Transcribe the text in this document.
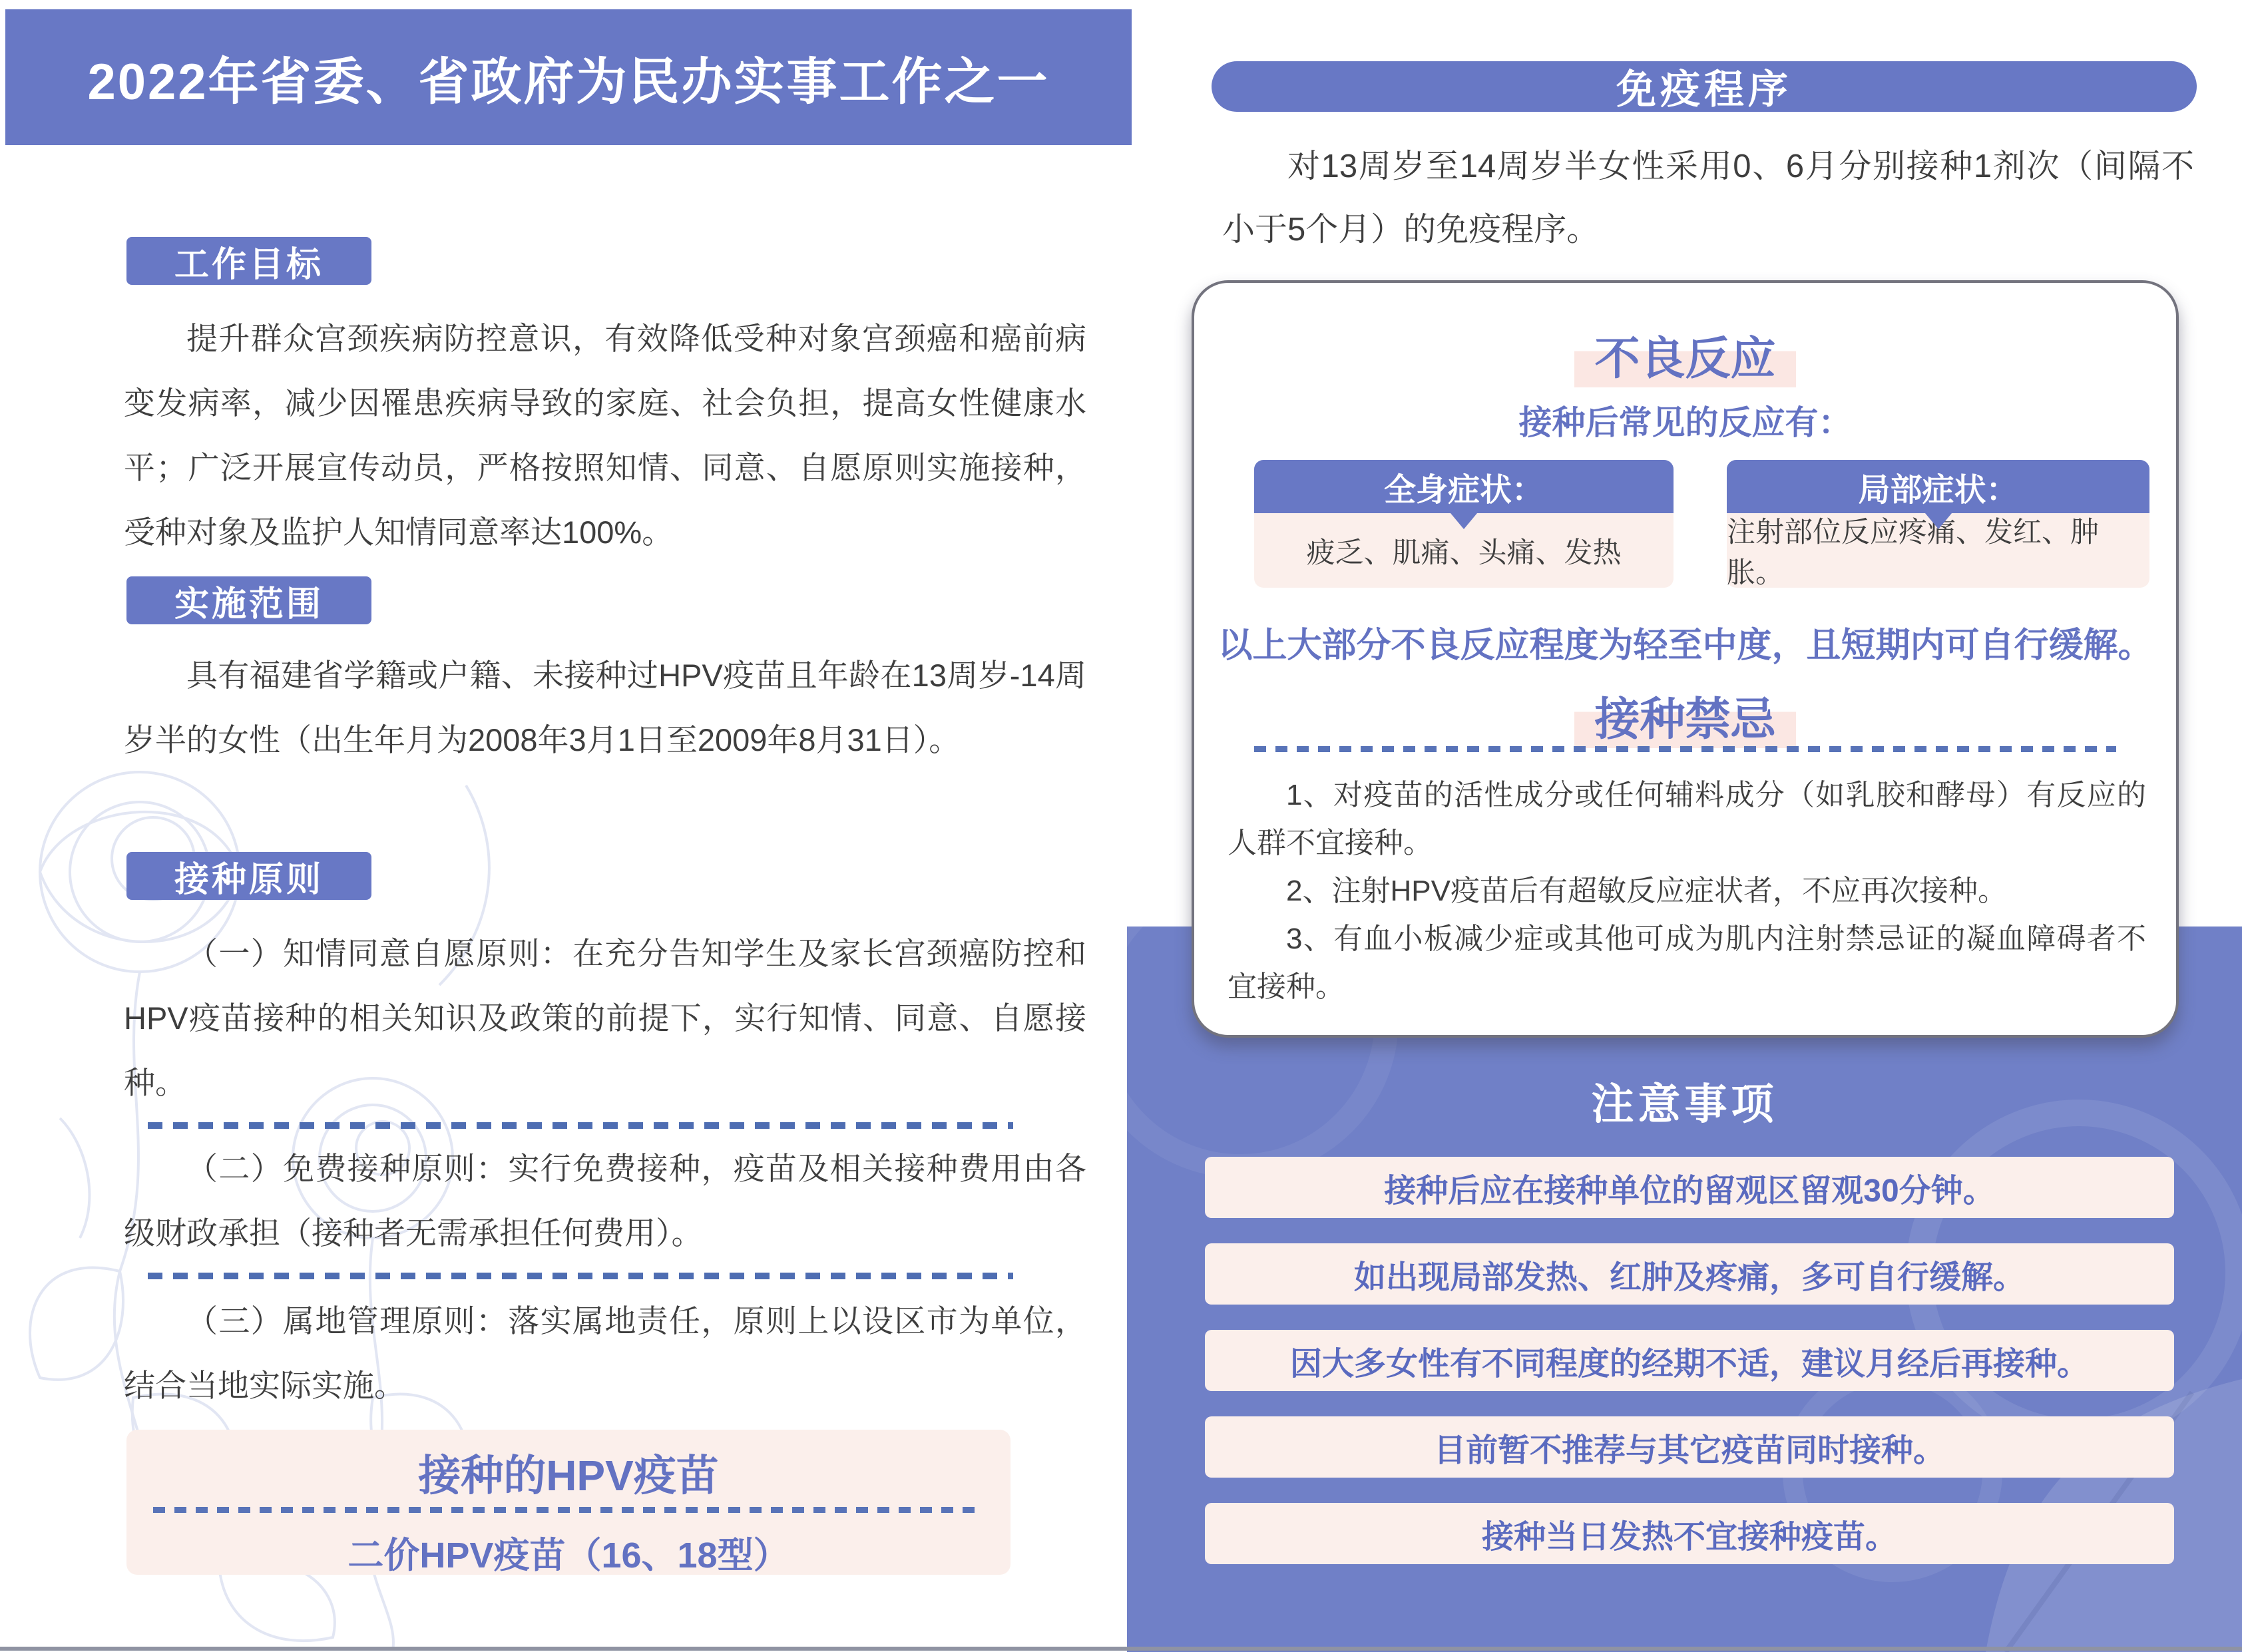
2022年省委、省政府为民办实事工作之一
工作目标
提升群众宫颈疾病防控意识，有效降低受种对象宫颈癌和癌前病变发病率，减少因罹患疾病导致的家庭、社会负担，提高女性健康水平；广泛开展宣传动员，严格按照知情、同意、自愿原则实施接种，受种对象及监护人知情同意率达100%。
实施范围
具有福建省学籍或户籍、未接种过HPV疫苗且年龄在13周岁-14周岁半的女性（出生年月为2008年3月1日至2009年8月31日）。
接种原则
（一）知情同意自愿原则：在充分告知学生及家长宫颈癌防控和HPV疫苗接种的相关知识及政策的前提下，实行知情、同意、自愿接种。
（二）免费接种原则：实行免费接种，疫苗及相关接种费用由各级财政承担（接种者无需承担任何费用）。
（三）属地管理原则：落实属地责任，原则上以设区市为单位，结合当地实际实施。
接种的HPV疫苗
二价HPV疫苗（16、18型）
免疫程序
对13周岁至14周岁半女性采用0、6月分别接种1剂次（间隔不小于5个月）的免疫程序。
注意事项
接种后应在接种单位的留观区留观30分钟。
如出现局部发热、红肿及疼痛，多可自行缓解。
因大多女性有不同程度的经期不适，建议月经后再接种。
目前暂不推荐与其它疫苗同时接种。
接种当日发热不宜接种疫苗。
不良反应
接种后常见的反应有：
全身症状：
疲乏、肌痛、头痛、发热
局部症状：
注射部位反应疼痛、发红、肿胀。
以上大部分不良反应程度为轻至中度，且短期内可自行缓解。
接种禁忌

1、对疫苗的活性成分或任何辅料成分（如乳胶和酵母）有反应的人群不宜接种。

2、注射HPV疫苗后有超敏反应症状者，不应再次接种。

3、有血小板减少症或其他可成为肌内注射禁忌证的凝血障碍者不宜接种。
